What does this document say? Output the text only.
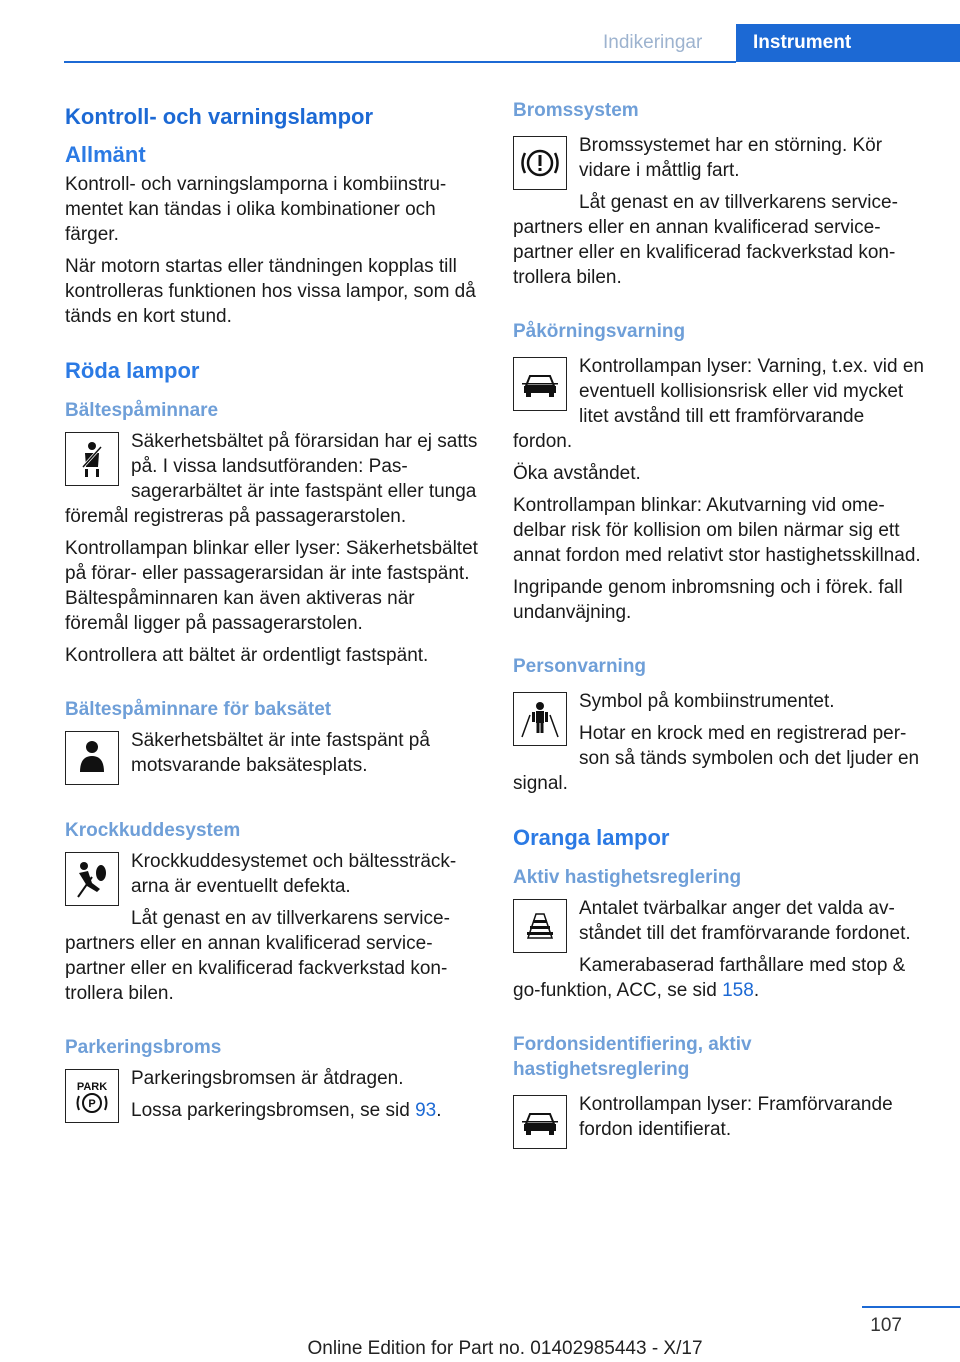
Indikeringar	Instrument
Kontroll- och varningslampor
Allmänt

Kontroll- och varningslamporna i kombiinstrumentet kan tändas i olika kombinationer och färger.

När motorn startas eller tändningen kopplas till kontrolleras funktionen hos vissa lampor, som då tänds en kort stund.

Röda lampor
Bältespåminnare

Säkerhetsbältet på förarsidan har ej satts på. I vissa landsutföranden: Passagerarbältet är inte fastspänt eller tunga föremål registreras på passagerarstolen.

Kontrollampan blinkar eller lyser: Säkerhetsbältet på förar- eller passagerarsidan är inte fastspänt. Bältespåminnaren kan även aktiveras när föremål ligger på passagerarstolen.

Kontrollera att bältet är ordentligt fastspänt.

Bältespåminnare för baksätet

Säkerhetsbältet är inte fastspänt på motsvarande baksätesplats.

Krockkuddesystem

Krockkuddesystemet och bältessträckarna är eventuellt defekta.

Låt genast en av tillverkarens servicepartners eller en annan kvalificerad servicepartner eller en kvalificerad fackverkstad kontrollera bilen.

Parkeringsbroms
PARK
P

Parkeringsbromsen är åtdragen.

Lossa parkeringsbromsen, se sid 93.

Bromssystem

Bromssystemet har en störning. Kör vidare i måttlig fart.

Låt genast en av tillverkarens servicepartners eller en annan kvalificerad servicepartner eller en kvalificerad fackverkstad kontrollera bilen.

Påkörningsvarning

Kontrollampan lyser: Varning, t.ex. vid en eventuell kollisionsrisk eller vid mycket litet avstånd till ett framförvarande fordon.

Öka avståndet.

Kontrollampan blinkar: Akutvarning vid omedelbar risk för kollision om bilen närmar sig ett annat fordon med relativt stor hastighetsskillnad.

Ingripande genom inbromsning och i förek. fall undanväjning.

Personvarning

Symbol på kombiinstrumentet.

Hotar en krock med en registrerad person så tänds symbolen och det ljuder en signal.

Oranga lampor
Aktiv hastighetsreglering

Antalet tvärbalkar anger det valda avståndet till det framförvarande fordonet.

Kamerabaserad farthållare med stop & go-funktion, ACC, se sid 158.

Fordonsidentifiering, aktiv hastighetsreglering

Kontrollampan lyser: Framförvarande fordon identifierat.

107
Online Edition for Part no. 01402985443 - X/17
